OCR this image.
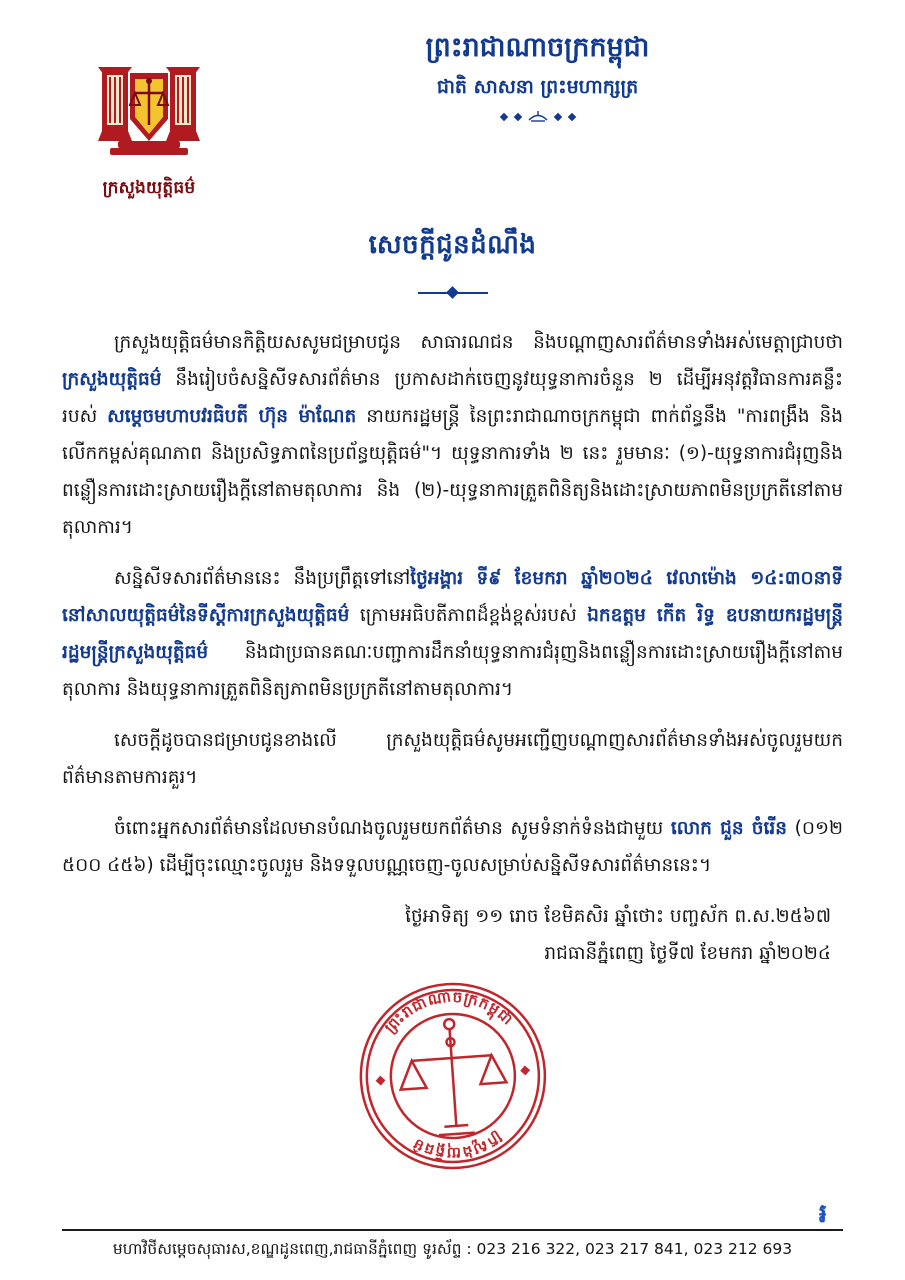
ក្រសួងយុត្តិធម៌
ព្រះរាជាណាចក្រកម្ពុជា
ជាតិ សាសនា ព្រះមហាក្សត្រ
សេចក្តីជូនដំណឹង

ក្រសួងយុត្តិធម៌មានកិត្តិយសសូមជម្រាបជូន សាធារណជន និងបណ្ដាញសារព័ត៌មានទាំងអស់មេត្តាជ្រាបថា ក្រសួងយុត្តិធម៌ នឹងរៀបចំសន្និសីទសារព័ត៌មាន ប្រកាសដាក់ចេញនូវយុទ្ធនាការចំនួន ២ ដើម្បីអនុវត្តវិធានការគន្លឹះរបស់ សម្ដេចមហាបវរធិបតី ហ៊ុន ម៉ាណែត នាយករដ្ឋមន្ត្រី នៃព្រះរាជាណាចក្រកម្ពុជា ពាក់ព័ន្ធនឹង "ការពង្រឹង និងលើកកម្ពស់គុណភាព និងប្រសិទ្ធភាពនៃប្រព័ន្ធយុត្តិធម៌"។ យុទ្ធនាការទាំង ២ នេះ រួមមានៈ (១)-យុទ្ធនាការជំរុញនិងពន្លឿនការដោះស្រាយរឿងក្ដីនៅតាមតុលាការ និង (២)-យុទ្ធនាការត្រួតពិនិត្យនិងដោះស្រាយភាពមិនប្រក្រតីនៅតាមតុលាការ។

សន្និសីទសារព័ត៌មាននេះ នឹងប្រព្រឹត្តទៅនៅថ្ងៃអង្គារ ទី៩ ខែមករា ឆ្នាំ២០២៤ វេលាម៉ោង ១៤:៣០នាទី នៅសាលយុត្តិធម៌នៃទីស្ដីការក្រសួងយុត្តិធម៌ ក្រោមអធិបតីភាពដ៏ខ្ពង់ខ្ពស់របស់ ឯកឧត្តម កើត រិទ្ធ ឧបនាយករដ្ឋមន្ត្រី រដ្ឋមន្ត្រីក្រសួងយុត្តិធម៌ និងជាប្រធានគណៈបញ្ជាការដឹកនាំយុទ្ធនាការជំរុញនិងពន្លឿនការដោះស្រាយរឿងក្ដីនៅតាមតុលាការ និងយុទ្ធនាការត្រួតពិនិត្យភាពមិនប្រក្រតីនៅតាមតុលាការ។

សេចក្ដីដូចបានជម្រាបជូនខាងលើ ក្រសួងយុត្តិធម៌សូមអញ្ជើញបណ្ដាញសារព័ត៌មានទាំងអស់ចូលរួមយកព័ត៌មានតាមការគួរ។

ចំពោះអ្នកសារព័ត៌មានដែលមានបំណងចូលរួមយកព័ត៌មាន សូមទំនាក់ទំនងជាមួយ លោក ជួន ចំរើន (០១២ ៥០០ ៤៥៦) ដើម្បីចុះឈ្មោះចូលរួម និងទទួលបណ្ណចេញ-ចូលសម្រាប់សន្និសីទសារព័ត៌មាននេះ។

ថ្ងៃអាទិត្យ ១១ រោច ខែមិគសិរ ឆ្នាំថោះ បញ្ចស័ក ព.ស.២៥៦៧
រាជធានីភ្នំពេញ ថ្ងៃទី៧ ខែមករា ឆ្នាំ២០២៤
ព្រះរាជាណាចក្រកម្ពុជា
ក្រសួងយុត្តិធម៌
៛
មហាវិថីសម្ដេចសុធារស,ខណ្ឌដូនពេញ,រាជធានីភ្នំពេញ ទូរស័ព្ទ : 023 216 322, 023 217 841, 023 212 693
